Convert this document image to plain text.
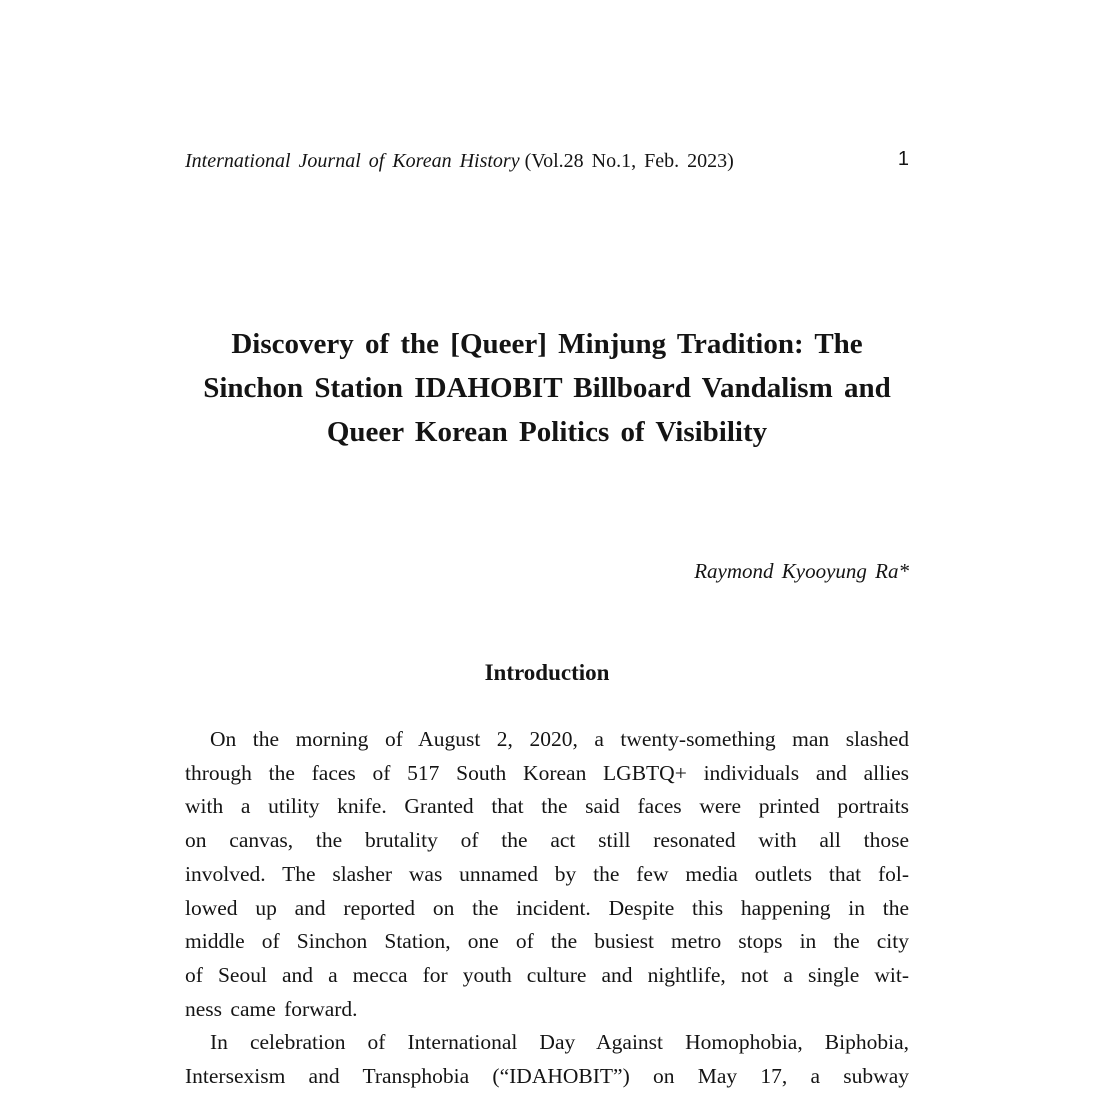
International Journal of Korean History (Vol.28 No.1, Feb. 2023)	1
Discovery of the [Queer] Minjung Tradition: The
Sinchon Station IDAHOBIT Billboard Vandalism and
Queer Korean Politics of Visibility
Raymond Kyooyung Ra*
Introduction

On the morning of August 2, 2020, a twenty-something man slashed
through the faces of 517 South Korean LGBTQ+ individuals and allies
with a utility knife. Granted that the said faces were printed portraits
on canvas, the brutality of the act still resonated with all those
involved. The slasher was unnamed by the few media outlets that fol-
lowed up and reported on the incident. Despite this happening in the
middle of Sinchon Station, one of the busiest metro stops in the city
of Seoul and a mecca for youth culture and nightlife, not a single wit-
ness came forward.

In celebration of International Day Against Homophobia, Biphobia,
Intersexism and Transphobia (“IDAHOBIT”) on May 17, a subway
